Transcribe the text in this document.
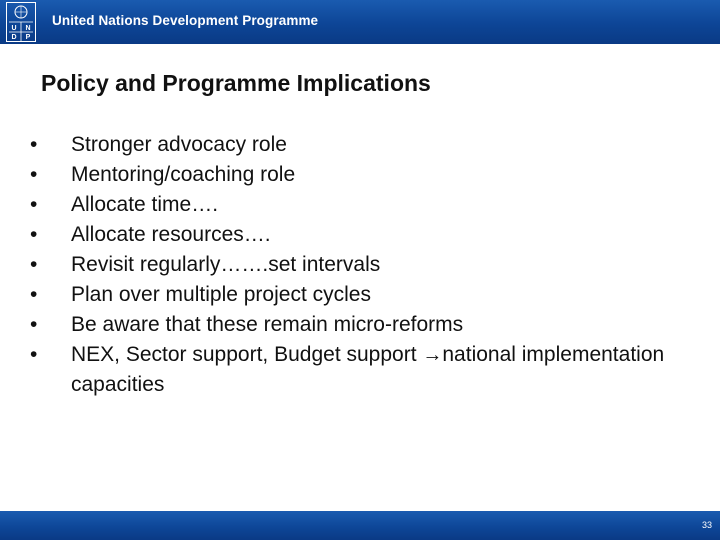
U N
D P
United Nations Development Programme
Policy and Programme Implications
•	Stronger advocacy role
•	Mentoring/coaching role
•	Allocate time….
•	Allocate resources….
•	Revisit regularly…….set intervals
•	Plan over multiple project cycles
•	Be aware that these remain micro-reforms
•	NEX, Sector support, Budget support →national implementation capacities
33
